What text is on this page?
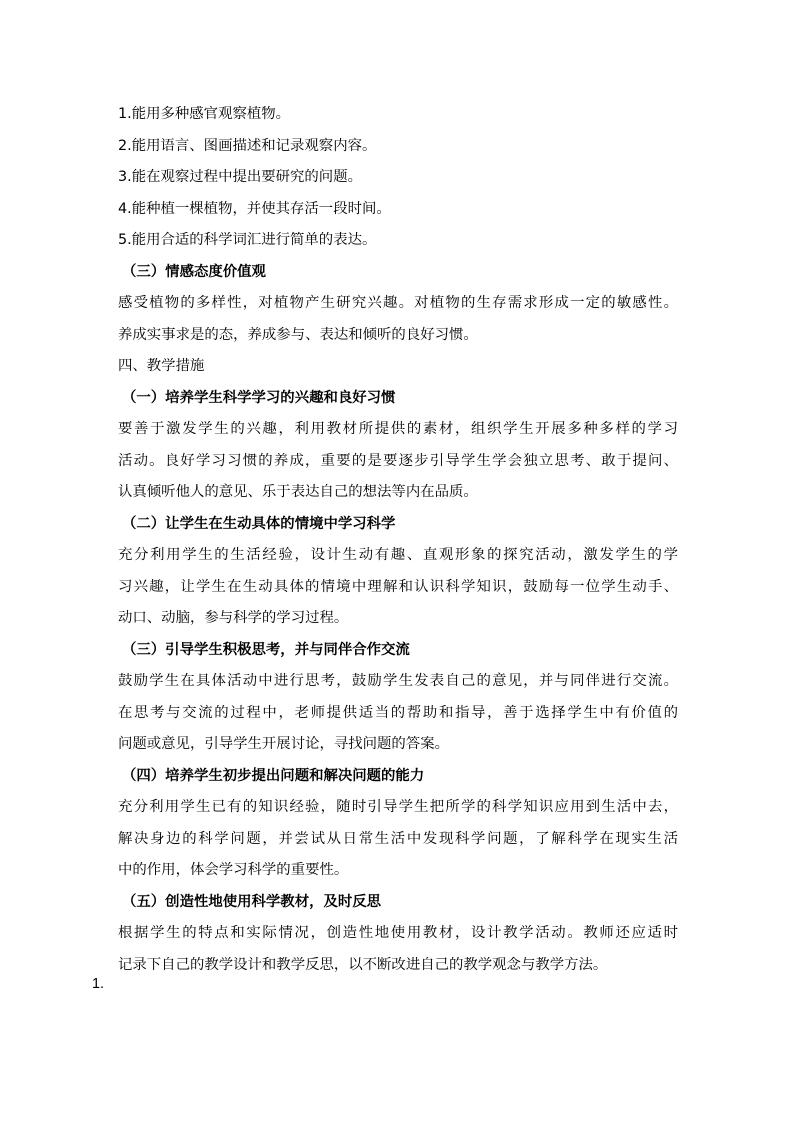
1.能用多种感官观察植物。

2.能用语言、图画描述和记录观察内容。

3.能在观察过程中提出要研究的问题。

4.能种植一棵植物，并使其存活一段时间。

5.能用合适的科学词汇进行简单的表达。

（三）情感态度价值观

感受植物的多样性，对植物产生研究兴趣。对植物的生存需求形成一定的敏感性。

养成实事求是的态，养成参与、表达和倾听的良好习惯。

四、教学措施

（一）培养学生科学学习的兴趣和良好习惯

要善于激发学生的兴趣，利用教材所提供的素材，组织学生开展多种多样的学习

活动。良好学习习惯的养成，重要的是要逐步引导学生学会独立思考、敢于提问、

认真倾听他人的意见、乐于表达自己的想法等内在品质。

（二）让学生在生动具体的情境中学习科学

充分利用学生的生活经验，设计生动有趣、直观形象的探究活动，激发学生的学

习兴趣，让学生在生动具体的情境中理解和认识科学知识，鼓励每一位学生动手、

动口、动脑，参与科学的学习过程。

（三）引导学生积极思考，并与同伴合作交流

鼓励学生在具体活动中进行思考，鼓励学生发表自己的意见，并与同伴进行交流。

在思考与交流的过程中，老师提供适当的帮助和指导，善于选择学生中有价值的

问题或意见，引导学生开展讨论，寻找问题的答案。

（四）培养学生初步提出问题和解决问题的能力

充分利用学生已有的知识经验，随时引导学生把所学的科学知识应用到生活中去，

解决身边的科学问题，并尝试从日常生活中发现科学问题，了解科学在现实生活

中的作用，体会学习科学的重要性。

（五）创造性地使用科学教材，及时反思

根据学生的特点和实际情况，创造性地使用教材，设计教学活动。教师还应适时

记录下自己的教学设计和教学反思，以不断改进自己的教学观念与教学方法。

1.
